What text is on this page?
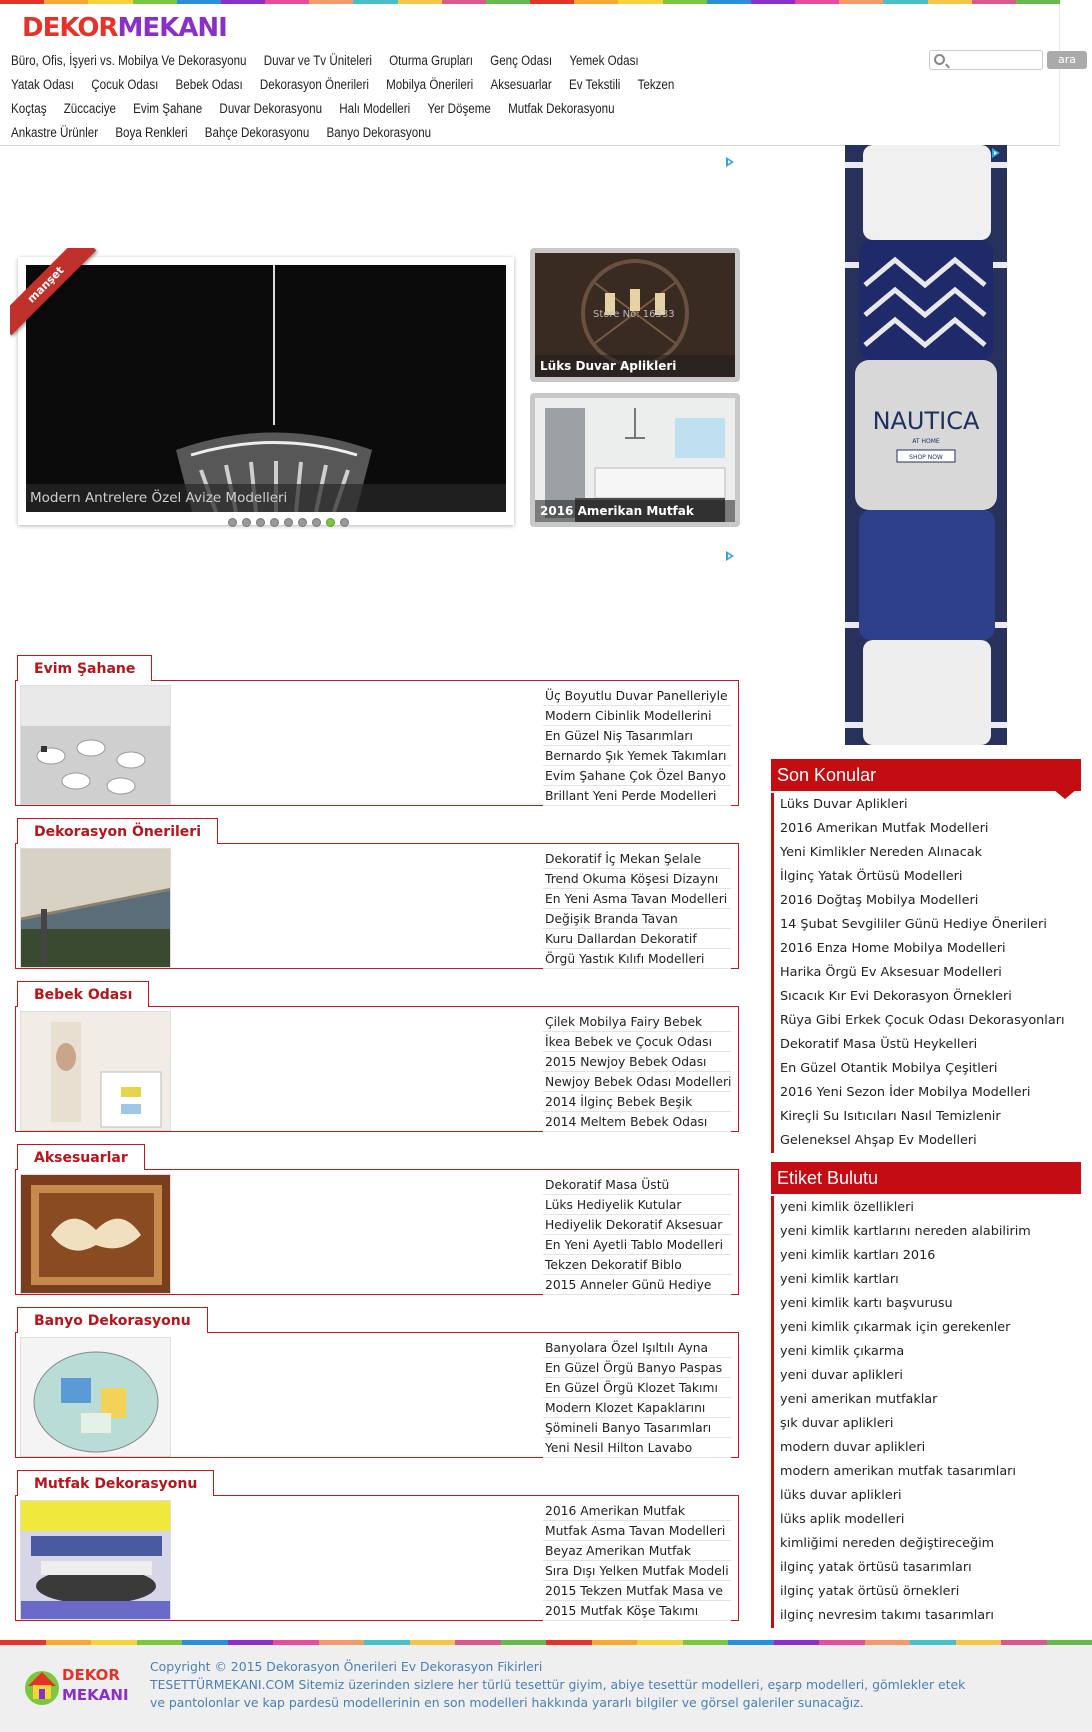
DEKORMEKANI
Büro, Ofis, İşyeri vs. Mobilya Ve Dekorasyonu Duvar ve Tv Üniteleri Oturma Grupları Genç Odası Yemek OdasıYatak Odası Çocuk Odası Bebek Odası Dekorasyon Önerileri Mobilya Önerileri Aksesuarlar Ev Tekstili TekzenKoçtaş Züccaciye Evim Şahane Duvar Dekorasyonu Halı Modelleri Yer Döşeme Mutfak DekorasyonuAnkastre Ürünler Boya Renkleri Bahçe Dekorasyonu Banyo Dekorasyonu
ara
Modern Antrelere Özel Avize Modelleri
manşet
Store No: 16533
Lüks Duvar Aplikleri
2016 Amerikan Mutfak
Evim Şahane
Üç Boyutlu Duvar Panelleriyle
Modern Cibinlik Modellerini
En Güzel Niş Tasarımları
Bernardo Şık Yemek Takımları
Evim Şahane Çok Özel Banyo
Brillant Yeni Perde Modelleri
Dekorasyon Önerileri
Dekoratif İç Mekan Şelale
Trend Okuma Köşesi Dizaynı
En Yeni Asma Tavan Modelleri
Değişik Branda Tavan
Kuru Dallardan Dekoratif
Örgü Yastık Kılıfı Modelleri
Bebek Odası
Çilek Mobilya Fairy Bebek
İkea Bebek ve Çocuk Odası
2015 Newjoy Bebek Odası
Newjoy Bebek Odası Modelleri
2014 İlginç Bebek Beşik
2014 Meltem Bebek Odası
Aksesuarlar
Dekoratif Masa Üstü
Lüks Hediyelik Kutular
Hediyelik Dekoratif Aksesuar
En Yeni Ayetli Tablo Modelleri
Tekzen Dekoratif Biblo
2015 Anneler Günü Hediye
Banyo Dekorasyonu
Banyolara Özel Işıltılı Ayna
En Güzel Örgü Banyo Paspas
En Güzel Örgü Klozet Takımı
Modern Klozet Kapaklarını
Şömineli Banyo Tasarımları
Yeni Nesil Hilton Lavabo
Mutfak Dekorasyonu
2016 Amerikan Mutfak
Mutfak Asma Tavan Modelleri
Beyaz Amerikan Mutfak
Sıra Dışı Yelken Mutfak Modeli
2015 Tekzen Mutfak Masa ve
2015 Mutfak Köşe Takımı
NAUTICA
AT HOME
SHOP NOW
Son Konular
Lüks Duvar Aplikleri
2016 Amerikan Mutfak Modelleri
Yeni Kimlikler Nereden Alınacak
İlginç Yatak Örtüsü Modelleri
2016 Doğtaş Mobilya Modelleri
14 Şubat Sevgililer Günü Hediye Önerileri
2016 Enza Home Mobilya Modelleri
Harika Örgü Ev Aksesuar Modelleri
Sıcacık Kır Evi Dekorasyon Örnekleri
Rüya Gibi Erkek Çocuk Odası Dekorasyonları
Dekoratif Masa Üstü Heykelleri
En Güzel Otantik Mobilya Çeşitleri
2016 Yeni Sezon İder Mobilya Modelleri
Kireçli Su Isıtıcıları Nasıl Temizlenir
Geleneksel Ahşap Ev Modelleri
Etiket Bulutu
yeni kimlik özellikleri
yeni kimlik kartlarını nereden alabilirim
yeni kimlik kartları 2016
yeni kimlik kartları
yeni kimlik kartı başvurusu
yeni kimlik çıkarmak için gerekenler
yeni kimlik çıkarma
yeni duvar aplikleri
yeni amerikan mutfaklar
şık duvar aplikleri
modern duvar aplikleri
modern amerikan mutfak tasarımları
lüks duvar aplikleri
lüks aplik modelleri
kimliğimi nereden değiştireceğim
ilginç yatak örtüsü tasarımları
ilginç yatak örtüsü örnekleri
ilginç nevresim takımı tasarımları
DEKOR
MEKANI
Copyright © 2015 Dekorasyon Önerileri Ev Dekorasyon Fikirleri
TESETTÜRMEKANI.COM Sitemiz üzerinden sizlere her türlü tesettür giyim, abiye tesettür modelleri, eşarp modelleri, gömlekler etek ve pantolonlar ve kap pardesü modellerinin en son modelleri hakkında yararlı bilgiler ve görsel galeriler sunacağız.
